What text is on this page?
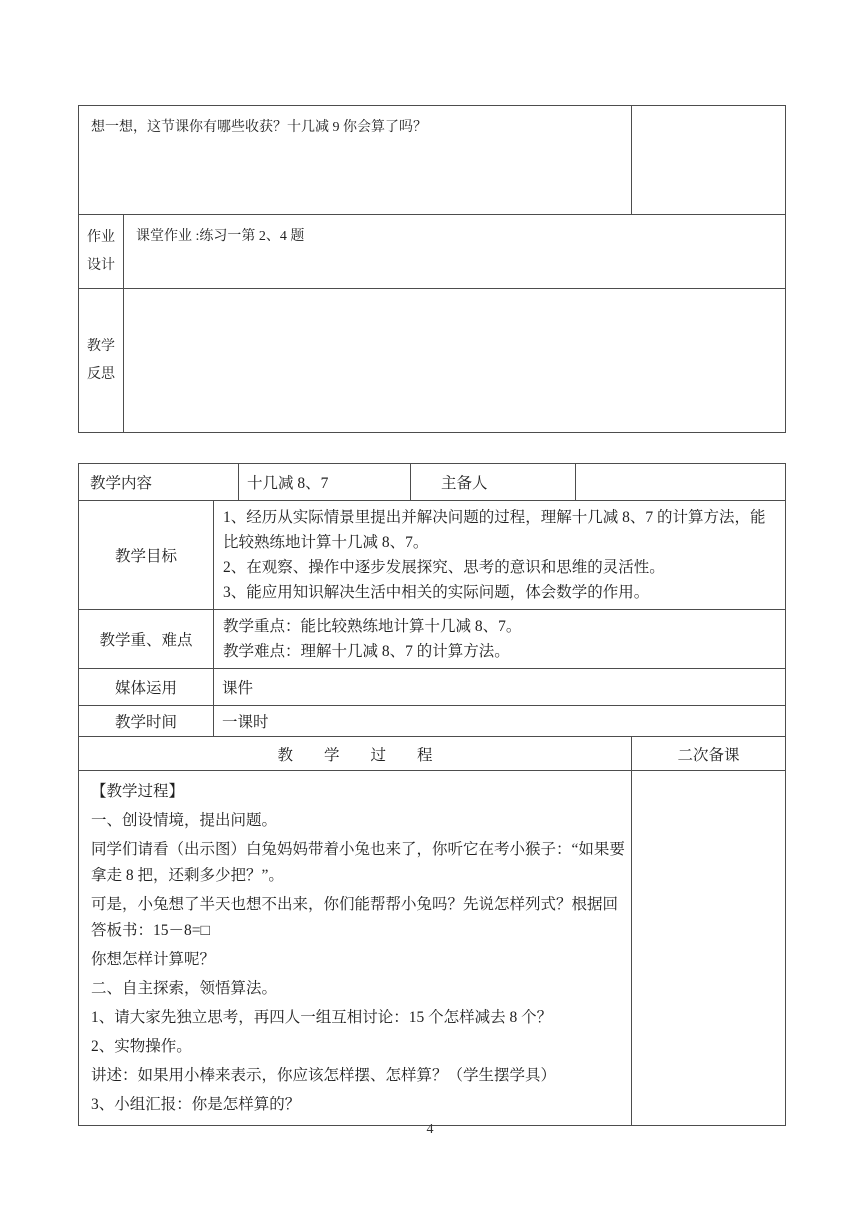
想一想，这节课你有哪些收获？十几减 9 你会算了吗？		
作业设计	课堂作业 :练习一第 2、4 题	
教学反思		
教学内容		十几减 8、7	主备人		
教学目标	1、经历从实际情景里提出并解决问题的过程，理解十几减 8、7 的计算方法，能比较熟练地计算十几减 8、7。

2、在观察、操作中逐步发展探究、思考的意识和思维的灵活性。

3、能应用知识解决生活中相关的实际问题，体会数学的作用。				

教学重、难点	教学重点：能比较熟练地计算十几减 8、7。

教学难点：理解十几减 8、7 的计算方法。				

媒体运用	课件				
教学时间	一课时				
教　　学　　过　　程					二次备课

【教学过程】

一、创设情境，提出问题。

同学们请看（出示图）白兔妈妈带着小兔也来了，你听它在考小猴子：“如果要拿走 8 把，还剩多少把？”。

可是，小兔想了半天也想不出来，你们能帮帮小兔吗？先说怎样列式？根据回答板书：15－8=□

你想怎样计算呢？

二、自主探索，领悟算法。

1、请大家先独立思考，再四人一组互相讨论：15 个怎样减去 8 个？

2、实物操作。

讲述：如果用小棒来表示，你应该怎样摆、怎样算？（学生摆学具）

3、小组汇报：你是怎样算的？

4
